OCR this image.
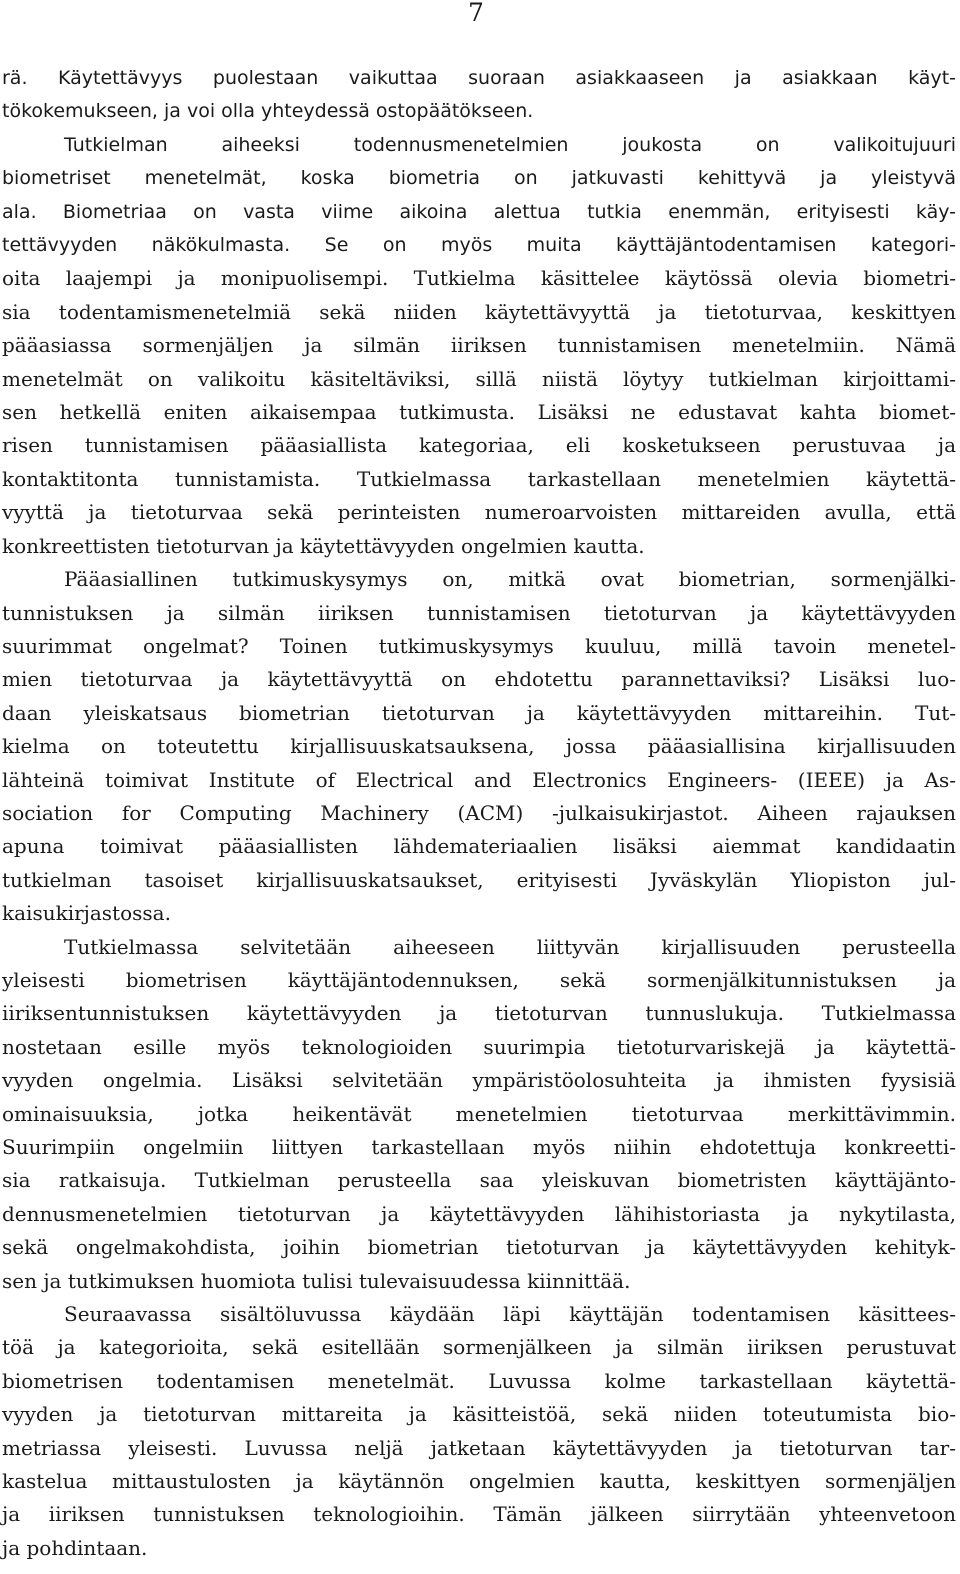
7
rä. Käytettävyys puolestaan vaikuttaa suoraan asiakkaaseen ja asiakkaan käyt-
tökokemukseen, ja voi olla yhteydessä ostopäätökseen.
Tutkielman aiheeksi todennusmenetelmien joukosta on valikoitujuuri
biometriset menetelmät, koska biometria on jatkuvasti kehittyvä ja yleistyvä
ala. Biometriaa on vasta viime aikoina alettua tutkia enemmän, erityisesti käy-
tettävyyden näkökulmasta. Se on myös muita käyttäjäntodentamisen kategori-
oita laajempi ja monipuolisempi. Tutkielma käsittelee käytössä olevia biometri-
sia todentamismenetelmiä sekä niiden käytettävyyttä ja tietoturvaa, keskittyen
pääasiassa sormenjäljen ja silmän iiriksen tunnistamisen menetelmiin. Nämä
menetelmät on valikoitu käsiteltäviksi, sillä niistä löytyy tutkielman kirjoittami-
sen hetkellä eniten aikaisempaa tutkimusta. Lisäksi ne edustavat kahta biomet-
risen tunnistamisen pääasiallista kategoriaa, eli kosketukseen perustuvaa ja
kontaktitonta tunnistamista. Tutkielmassa tarkastellaan menetelmien käytettä-
vyyttä ja tietoturvaa sekä perinteisten numeroarvoisten mittareiden avulla, että
konkreettisten tietoturvan ja käytettävyyden ongelmien kautta.
Pääasiallinen tutkimuskysymys on, mitkä ovat biometrian, sormenjälki-
tunnistuksen ja silmän iiriksen tunnistamisen tietoturvan ja käytettävyyden
suurimmat ongelmat? Toinen tutkimuskysymys kuuluu, millä tavoin menetel-
mien tietoturvaa ja käytettävyyttä on ehdotettu parannettaviksi? Lisäksi luo-
daan yleiskatsaus biometrian tietoturvan ja käytettävyyden mittareihin. Tut-
kielma on toteutettu kirjallisuuskatsauksena, jossa pääasiallisina kirjallisuuden
lähteinä toimivat Institute of Electrical and Electronics Engineers- (IEEE) ja As-
sociation for Computing Machinery (ACM) -julkaisukirjastot. Aiheen rajauksen
apuna toimivat pääasiallisten lähdemateriaalien lisäksi aiemmat kandidaatin
tutkielman tasoiset kirjallisuuskatsaukset, erityisesti Jyväskylän Yliopiston jul-
kaisukirjastossa.
Tutkielmassa selvitetään aiheeseen liittyvän kirjallisuuden perusteella
yleisesti biometrisen käyttäjäntodennuksen, sekä sormenjälkitunnistuksen ja
iiriksentunnistuksen käytettävyyden ja tietoturvan tunnuslukuja. Tutkielmassa
nostetaan esille myös teknologioiden suurimpia tietoturvariskejä ja käytettä-
vyyden ongelmia. Lisäksi selvitetään ympäristöolosuhteita ja ihmisten fyysisiä
ominaisuuksia, jotka heikentävät menetelmien tietoturvaa merkittävimmin.
Suurimpiin ongelmiin liittyen tarkastellaan myös niihin ehdotettuja konkreetti-
sia ratkaisuja. Tutkielman perusteella saa yleiskuvan biometristen käyttäjänto-
dennusmenetelmien tietoturvan ja käytettävyyden lähihistoriasta ja nykytilasta,
sekä ongelmakohdista, joihin biometrian tietoturvan ja käytettävyyden kehityk-
sen ja tutkimuksen huomiota tulisi tulevaisuudessa kiinnittää.
Seuraavassa sisältöluvussa käydään läpi käyttäjän todentamisen käsittees-
töä ja kategorioita, sekä esitellään sormenjälkeen ja silmän iiriksen perustuvat
biometrisen todentamisen menetelmät. Luvussa kolme tarkastellaan käytettä-
vyyden ja tietoturvan mittareita ja käsitteistöä, sekä niiden toteutumista bio-
metriassa yleisesti. Luvussa neljä jatketaan käytettävyyden ja tietoturvan tar-
kastelua mittaustulosten ja käytännön ongelmien kautta, keskittyen sormenjäljen
ja iiriksen tunnistuksen teknologioihin. Tämän jälkeen siirrytään yhteenvetoon
ja pohdintaan.
